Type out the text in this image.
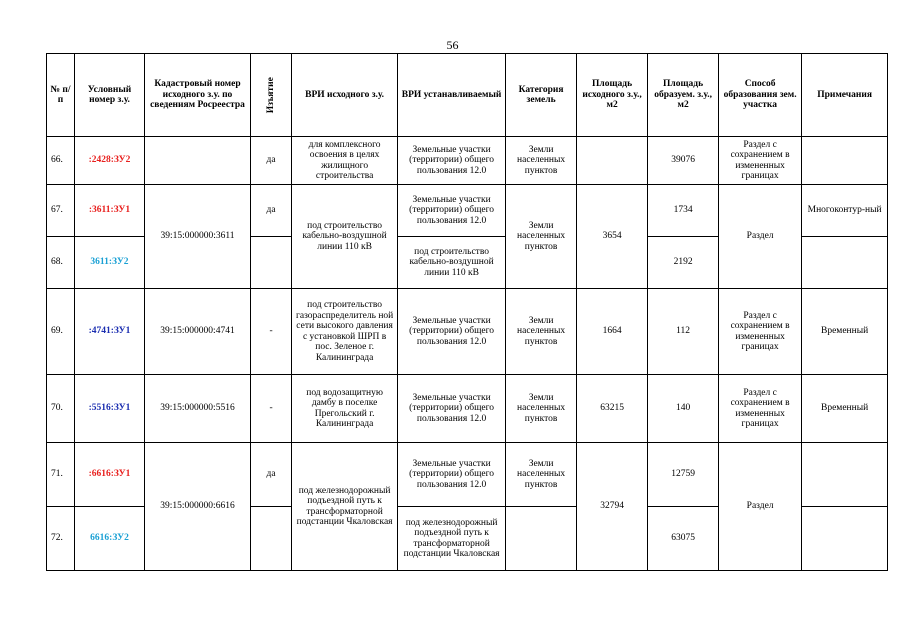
56
№ п/п	Условный номер з.у.	Кадастровый номер исходного з.у. по сведениям Росреестра	Изъятие	ВРИ исходного з.у.	ВРИ устанавливаемый	Категория земель	Площадь исходного з.у., м2	Площадь образуем. з.у., м2	Способ образования зем. участка	Примечания
66.	:2428:ЗУ2		да	для комплексного освоения в целях жилищного строительства	Земельные участки (территории) общего пользования 12.0	Земли населенных пунктов		39076	Раздел с сохранением в измененных границах	
67.	:3611:ЗУ1	39:15:000000:3611	да	под строительство кабельно-воздушной линии 110 кВ	Земельные участки (территории) общего пользования 12.0	Земли населенных пунктов	3654	1734	Раздел	Многоконтур-ный
68.	3611:ЗУ2				под строительство кабельно-воздушной линии 110 кВ			2192		
69.	:4741:ЗУ1	39:15:000000:4741	-	под строительство газораспределитель ной сети высокого давления с установкой ШРП в пос. Зеленое г. Калининграда	Земельные участки (территории) общего пользования 12.0	Земли населенных пунктов	1664	112	Раздел с сохранением в измененных границах	Временный
70.	:5516:ЗУ1	39:15:000000:5516	-	под водозащитную дамбу в поселке Прегольский г. Калининграда	Земельные участки (территории) общего пользования 12.0	Земли населенных пунктов	63215	140	Раздел с сохранением в измененных границах	Временный
71.	:6616:ЗУ1	39:15:000000:6616	да	под железнодорожный подъездной путь к трансформаторной подстанции Чкаловская	Земельные участки (территории) общего пользования 12.0	Земли населенных пунктов	32794	12759	Раздел	
72.	6616:ЗУ2				под железнодорожный подъездной путь к трансформаторной подстанции Чкаловская			63075		
